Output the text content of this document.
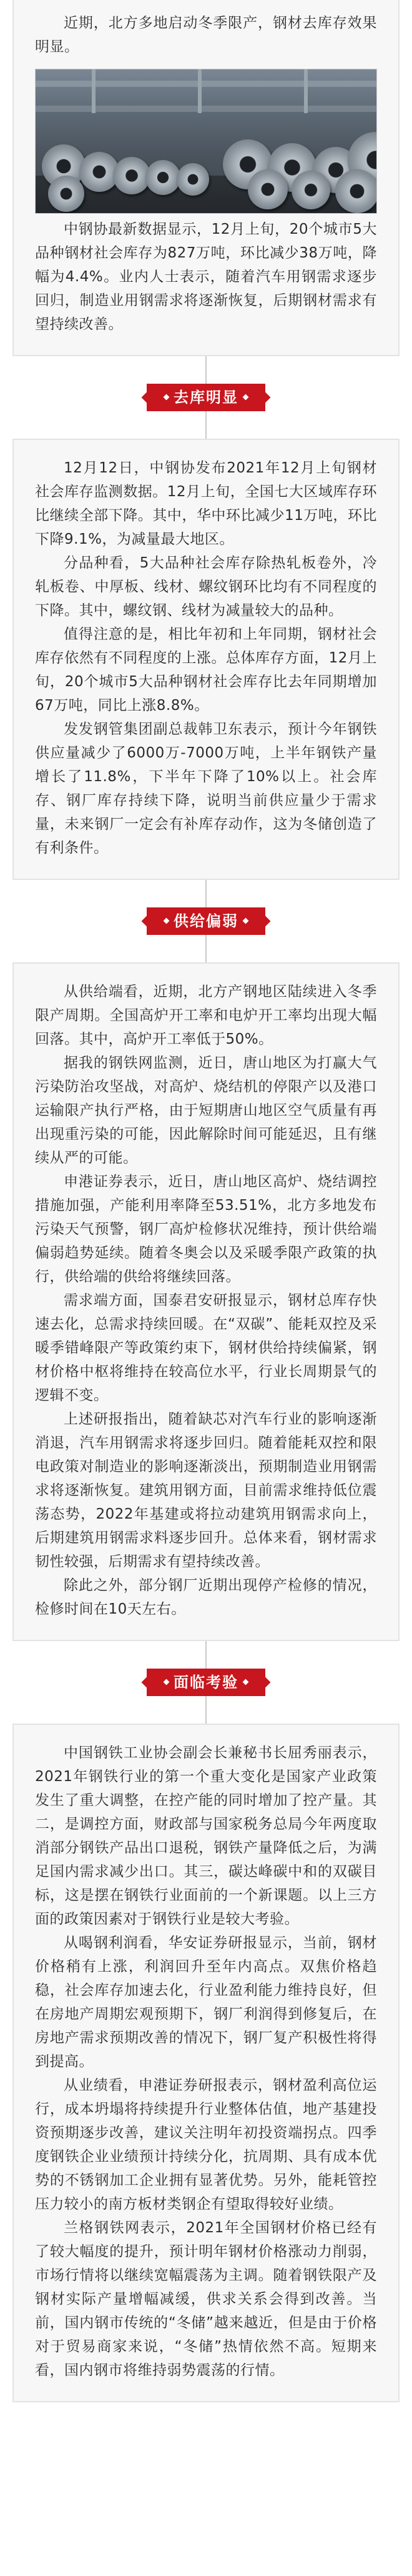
近期，北方多地启动冬季限产，钢材去库存效果明显。

中钢协最新数据显示，12月上旬，20个城市5大品种钢材社会库存为827万吨，环比减少38万吨，降幅为4.4%。业内人士表示，随着汽车用钢需求逐步回归，制造业用钢需求将逐渐恢复，后期钢材需求有望持续改善。

去库明显

12月12日，中钢协发布2021年12月上旬钢材社会库存监测数据。12月上旬，全国七大区域库存环比继续全部下降。其中，华中环比减少11万吨，环比下降9.1%，为减量最大地区。

分品种看，5大品种社会库存除热轧板卷外，冷轧板卷、中厚板、线材、螺纹钢环比均有不同程度的下降。其中，螺纹钢、线材为减量较大的品种。

值得注意的是，相比年初和上年同期，钢材社会库存依然有不同程度的上涨。总体库存方面，12月上旬，20个城市5大品种钢材社会库存比去年同期增加67万吨，同比上涨8.8%。

发发钢管集团副总裁韩卫东表示，预计今年钢铁供应量减少了6000万-7000万吨，上半年钢铁产量增长了11.8%，下半年下降了10%以上。社会库存、钢厂库存持续下降，说明当前供应量少于需求量，未来钢厂一定会有补库存动作，这为冬储创造了有利条件。

供给偏弱

从供给端看，近期，北方产钢地区陆续进入冬季限产周期。全国高炉开工率和电炉开工率均出现大幅回落。其中，高炉开工率低于50%。

据我的钢铁网监测，近日，唐山地区为打赢大气污染防治攻坚战，对高炉、烧结机的停限产以及港口运输限产执行严格，由于短期唐山地区空气质量有再出现重污染的可能，因此解除时间可能延迟，且有继续从严的可能。

申港证券表示，近日，唐山地区高炉、烧结调控措施加强，产能利用率降至53.51%，北方多地发布污染天气预警，钢厂高炉检修状况维持，预计供给端偏弱趋势延续。随着冬奥会以及采暖季限产政策的执行，供给端的供给将继续回落。

需求端方面，国泰君安研报显示，钢材总库存快速去化，总需求持续回暖。在“双碳”、能耗双控及采暖季错峰限产等政策约束下，钢材供给持续偏紧，钢材价格中枢将维持在较高位水平，行业长周期景气的逻辑不变。

上述研报指出，随着缺芯对汽车行业的影响逐渐消退，汽车用钢需求将逐步回归。随着能耗双控和限电政策对制造业的影响逐渐淡出，预期制造业用钢需求将逐渐恢复。建筑用钢方面，目前需求维持低位震荡态势，2022年基建或将拉动建筑用钢需求向上，后期建筑用钢需求料逐步回升。总体来看，钢材需求韧性较强，后期需求有望持续改善。

除此之外，部分钢厂近期出现停产检修的情况，检修时间在10天左右。

面临考验

中国钢铁工业协会副会长兼秘书长屈秀丽表示，2021年钢铁行业的第一个重大变化是国家产业政策发生了重大调整，在控产能的同时增加了控产量。其二，是调控方面，财政部与国家税务总局今年两度取消部分钢铁产品出口退税，钢铁产量降低之后，为满足国内需求减少出口。其三，碳达峰碳中和的双碳目标，这是摆在钢铁行业面前的一个新课题。以上三方面的政策因素对于钢铁行业是较大考验。

从喝钢利润看，华安证券研报显示，当前，钢材价格稍有上涨，利润回升至年内高点。双焦价格趋稳，社会库存加速去化，行业盈利能力维持良好，但在房地产周期宏观预期下，钢厂利润得到修复后，在房地产需求预期改善的情况下，钢厂复产积极性将得到提高。

从业绩看，申港证券研报表示，钢材盈利高位运行，成本坍塌将持续提升行业整体估值，地产基建投资预期逐步改善，建议关注明年初投资端拐点。四季度钢铁企业业绩预计持续分化，抗周期、具有成本优势的不锈钢加工企业拥有显著优势。另外，能耗管控压力较小的南方板材类钢企有望取得较好业绩。

兰格钢铁网表示，2021年全国钢材价格已经有了较大幅度的提升，预计明年钢材价格涨动力削弱，市场行情将以继续宽幅震荡为主调。随着钢铁限产及钢材实际产量增幅减缓，供求关系会得到改善。当前，国内钢市传统的“冬储”越来越近，但是由于价格对于贸易商家来说，“冬储”热情依然不高。短期来看，国内钢市将维持弱势震荡的行情。
